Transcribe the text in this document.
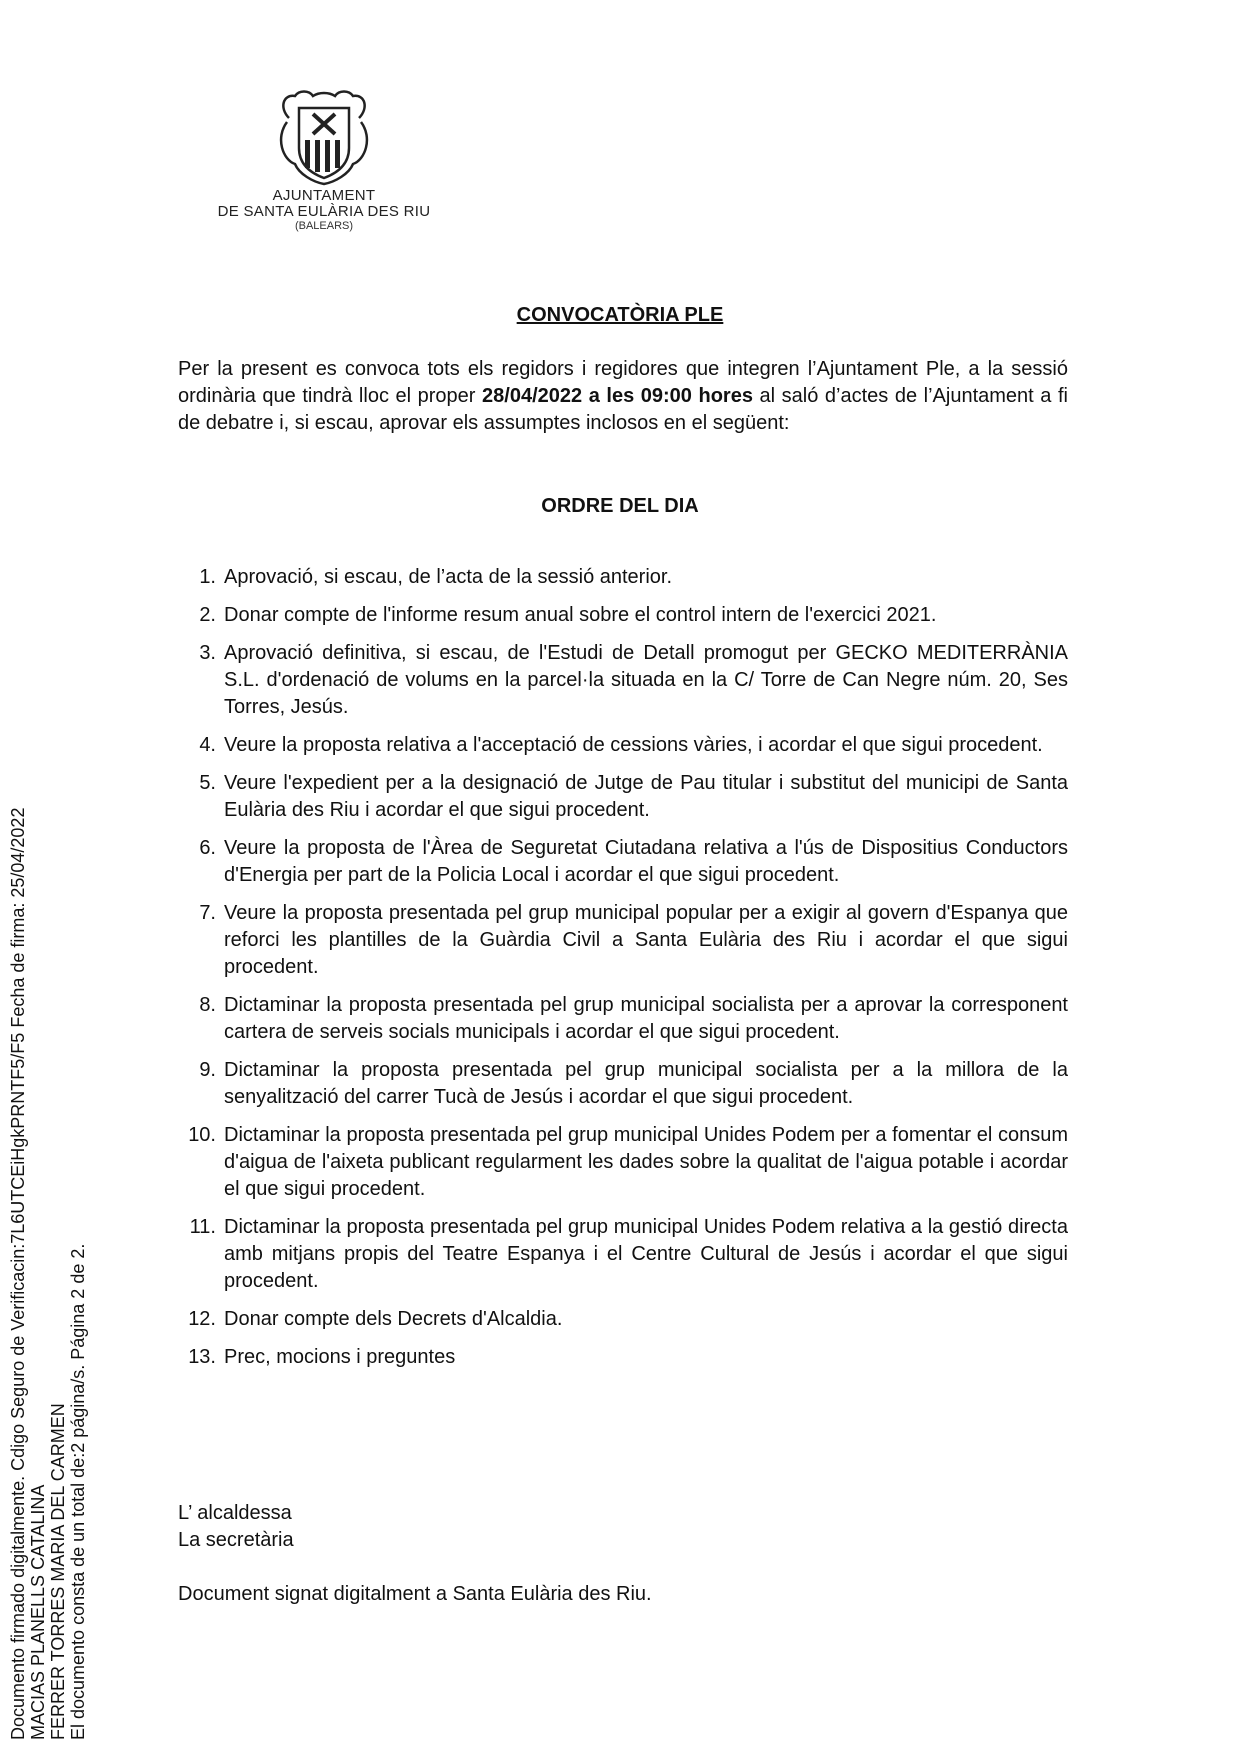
AJUNTAMENT
DE SANTA EULÀRIA DES RIU
(BALEARS)
CONVOCATÒRIA PLE
Per la present es convoca tots els regidors i regidores que integren l’Ajuntament Ple, a la sessió ordinària que tindrà lloc el proper 28/04/2022 a les 09:00 hores al saló d’actes de l’Ajuntament a fi de debatre i, si escau, aprovar els assumptes inclosos en el següent:
ORDRE DEL DIA
1. Aprovació, si escau, de l’acta de la sessió anterior.
2. Donar compte de l'informe resum anual sobre el control intern de l'exercici 2021.
3. Aprovació definitiva, si escau, de l'Estudi de Detall promogut per GECKO MEDITERRÀNIA S.L. d'ordenació de volums en la parcel·la situada en la C/ Torre de Can Negre núm. 20, Ses Torres, Jesús.
4. Veure la proposta relativa a l'acceptació de cessions vàries, i acordar el que sigui procedent.
5. Veure l'expedient per a la designació de Jutge de Pau titular i substitut del municipi de Santa Eulària des Riu i acordar el que sigui procedent.
6. Veure la proposta de l'Àrea de Seguretat Ciutadana relativa a l'ús de Dispositius Conductors d'Energia per part de la Policia Local i acordar el que sigui procedent.
7. Veure la proposta presentada pel grup municipal popular per a exigir al govern d'Espanya que reforci les plantilles de la Guàrdia Civil a Santa Eulària des Riu i acordar el que sigui procedent.
8. Dictaminar la proposta presentada pel grup municipal socialista per a aprovar la corresponent cartera de serveis socials municipals i acordar el que sigui procedent.
9. Dictaminar la proposta presentada pel grup municipal socialista per a la millora de la senyalització del carrer Tucà de Jesús i acordar el que sigui procedent.
10. Dictaminar la proposta presentada pel grup municipal Unides Podem per a fomentar el consum d'aigua de l'aixeta publicant regularment les dades sobre la qualitat de l'aigua potable i acordar el que sigui procedent.
11. Dictaminar la proposta presentada pel grup municipal Unides Podem relativa a la gestió directa amb mitjans propis del Teatre Espanya i el Centre Cultural de Jesús i acordar el que sigui procedent.
12. Donar compte dels Decrets d'Alcaldia.
13. Prec, mocions i preguntes
L’ alcaldessa
La secretària
Document signat digitalment a Santa Eulària des Riu.
Documento firmado digitalmente. Cdigo Seguro de Verificacin:7L6UTCEiHgkPRNTF5/F5 Fecha de firma: 25/04/2022 MACIAS PLANELLS CATALINA FERRER TORRES MARIA DEL CARMEN El documento consta de un total de:2 página/s. Página 2 de 2.
